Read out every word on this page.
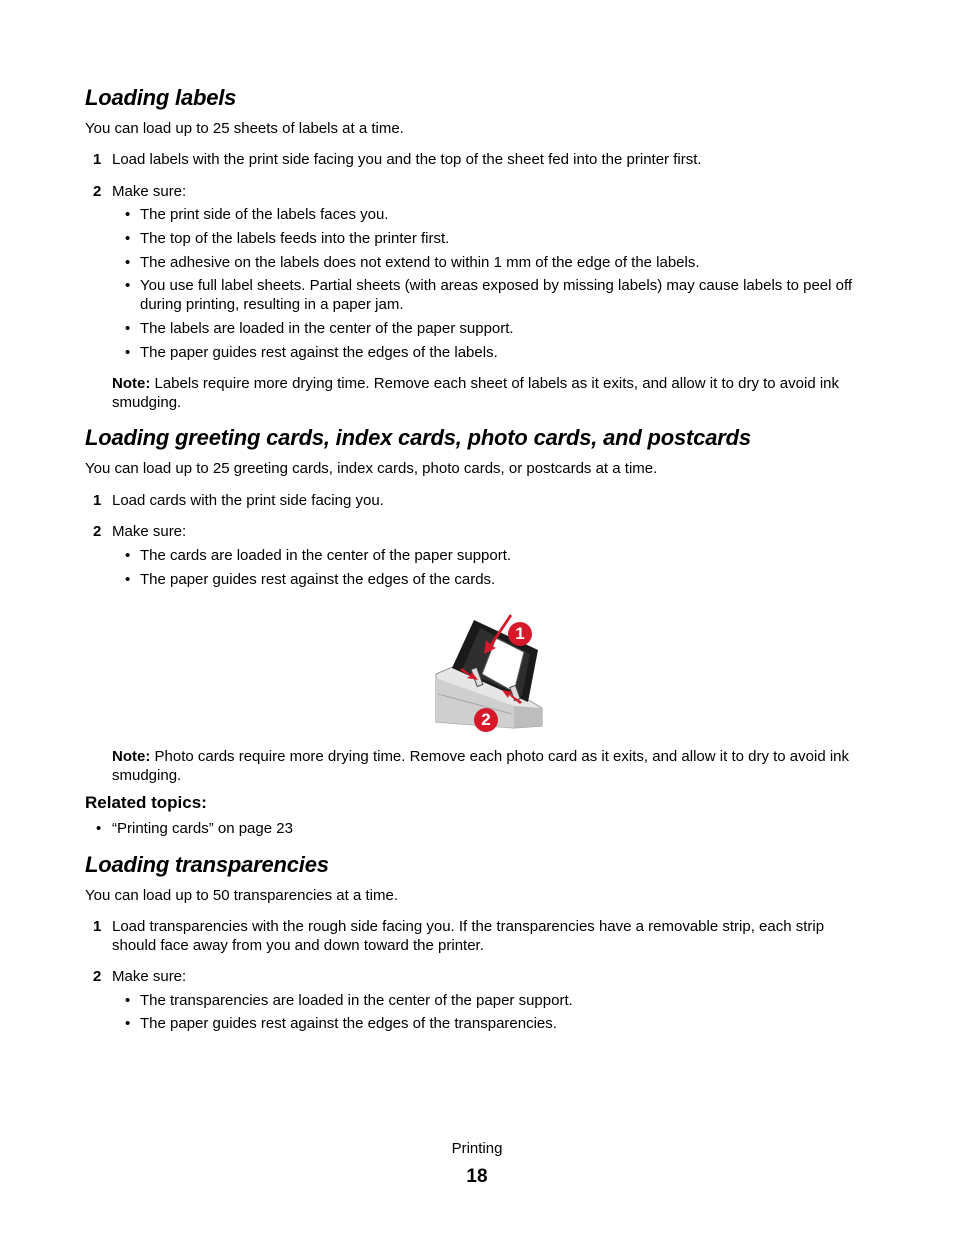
Loading labels
You can load up to 25 sheets of labels at a time.
1 Load labels with the print side facing you and the top of the sheet fed into the printer first.
2 Make sure:
• The print side of the labels faces you.
• The top of the labels feeds into the printer first.
• The adhesive on the labels does not extend to within 1 mm of the edge of the labels.
• You use full label sheets. Partial sheets (with areas exposed by missing labels) may cause labels to peel off during printing, resulting in a paper jam.
• The labels are loaded in the center of the paper support.
• The paper guides rest against the edges of the labels.
Note: Labels require more drying time. Remove each sheet of labels as it exits, and allow it to dry to avoid ink smudging.
Loading greeting cards, index cards, photo cards, and postcards
You can load up to 25 greeting cards, index cards, photo cards, or postcards at a time.
1 Load cards with the print side facing you.
2 Make sure:
• The cards are loaded in the center of the paper support.
• The paper guides rest against the edges of the cards.
1
2
Note: Photo cards require more drying time. Remove each photo card as it exits, and allow it to dry to avoid ink smudging.
Related topics:
• “Printing cards” on page 23
Loading transparencies
You can load up to 50 transparencies at a time.
1 Load transparencies with the rough side facing you. If the transparencies have a removable strip, each strip should face away from you and down toward the printer.
2 Make sure:
• The transparencies are loaded in the center of the paper support.
• The paper guides rest against the edges of the transparencies.
Printing
18
